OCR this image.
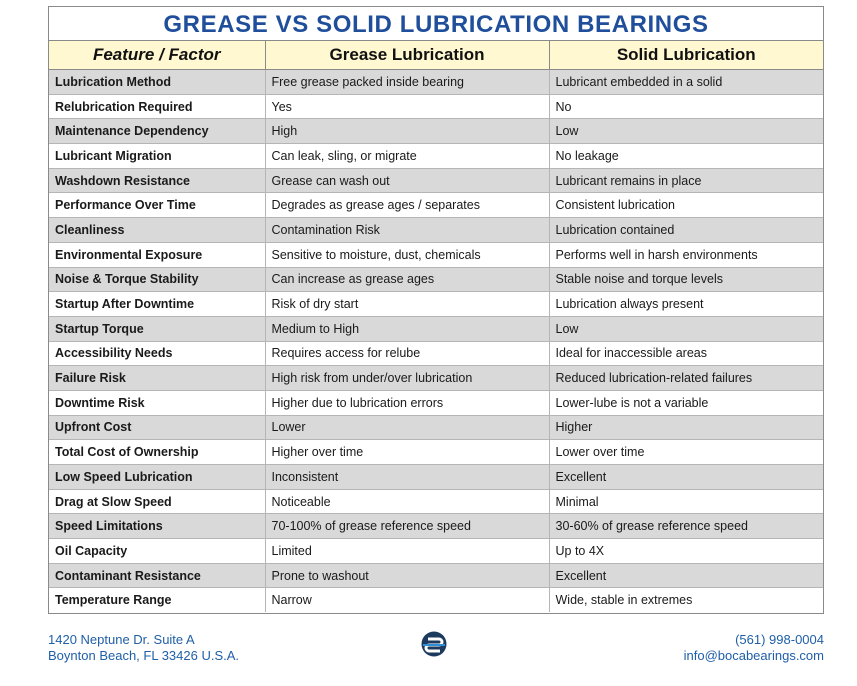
GREASE VS SOLID LUBRICATION BEARINGS
Feature / Factor	Grease Lubrication	Solid Lubrication
Lubrication Method	Free grease packed inside bearing	Lubricant embedded in a solid
Relubrication Required	Yes	No
Maintenance Dependency	High	Low
Lubricant Migration	Can leak, sling, or migrate	No leakage
Washdown Resistance	Grease can wash out	Lubricant remains in place
Performance Over Time	Degrades as grease ages / separates	Consistent lubrication
Cleanliness	Contamination Risk	Lubrication contained
Environmental Exposure	Sensitive to moisture, dust, chemicals	Performs well in harsh environments
Noise & Torque Stability	Can increase as grease ages	Stable noise and torque levels
Startup After Downtime	Risk of dry start	Lubrication always present
Startup Torque	Medium to High	Low
Accessibility Needs	Requires access for relube	Ideal for inaccessible areas
Failure Risk	High risk from under/over lubrication	Reduced lubrication-related failures
Downtime Risk	Higher due to lubrication errors	Lower-lube is not a variable
Upfront Cost	Lower	Higher
Total Cost of Ownership	Higher over time	Lower over time
Low Speed Lubrication	Inconsistent	Excellent
Drag at Slow Speed	Noticeable	Minimal
Speed Limitations	70-100% of grease reference speed	30-60% of grease reference speed
Oil Capacity	Limited	Up to 4X
Contaminant Resistance	Prone to washout	Excellent
Temperature Range	Narrow	Wide, stable in extremes
1420 Neptune Dr. Suite A
Boynton Beach, FL 33426 U.S.A.
(561) 998-0004
info@bocabearings.com
